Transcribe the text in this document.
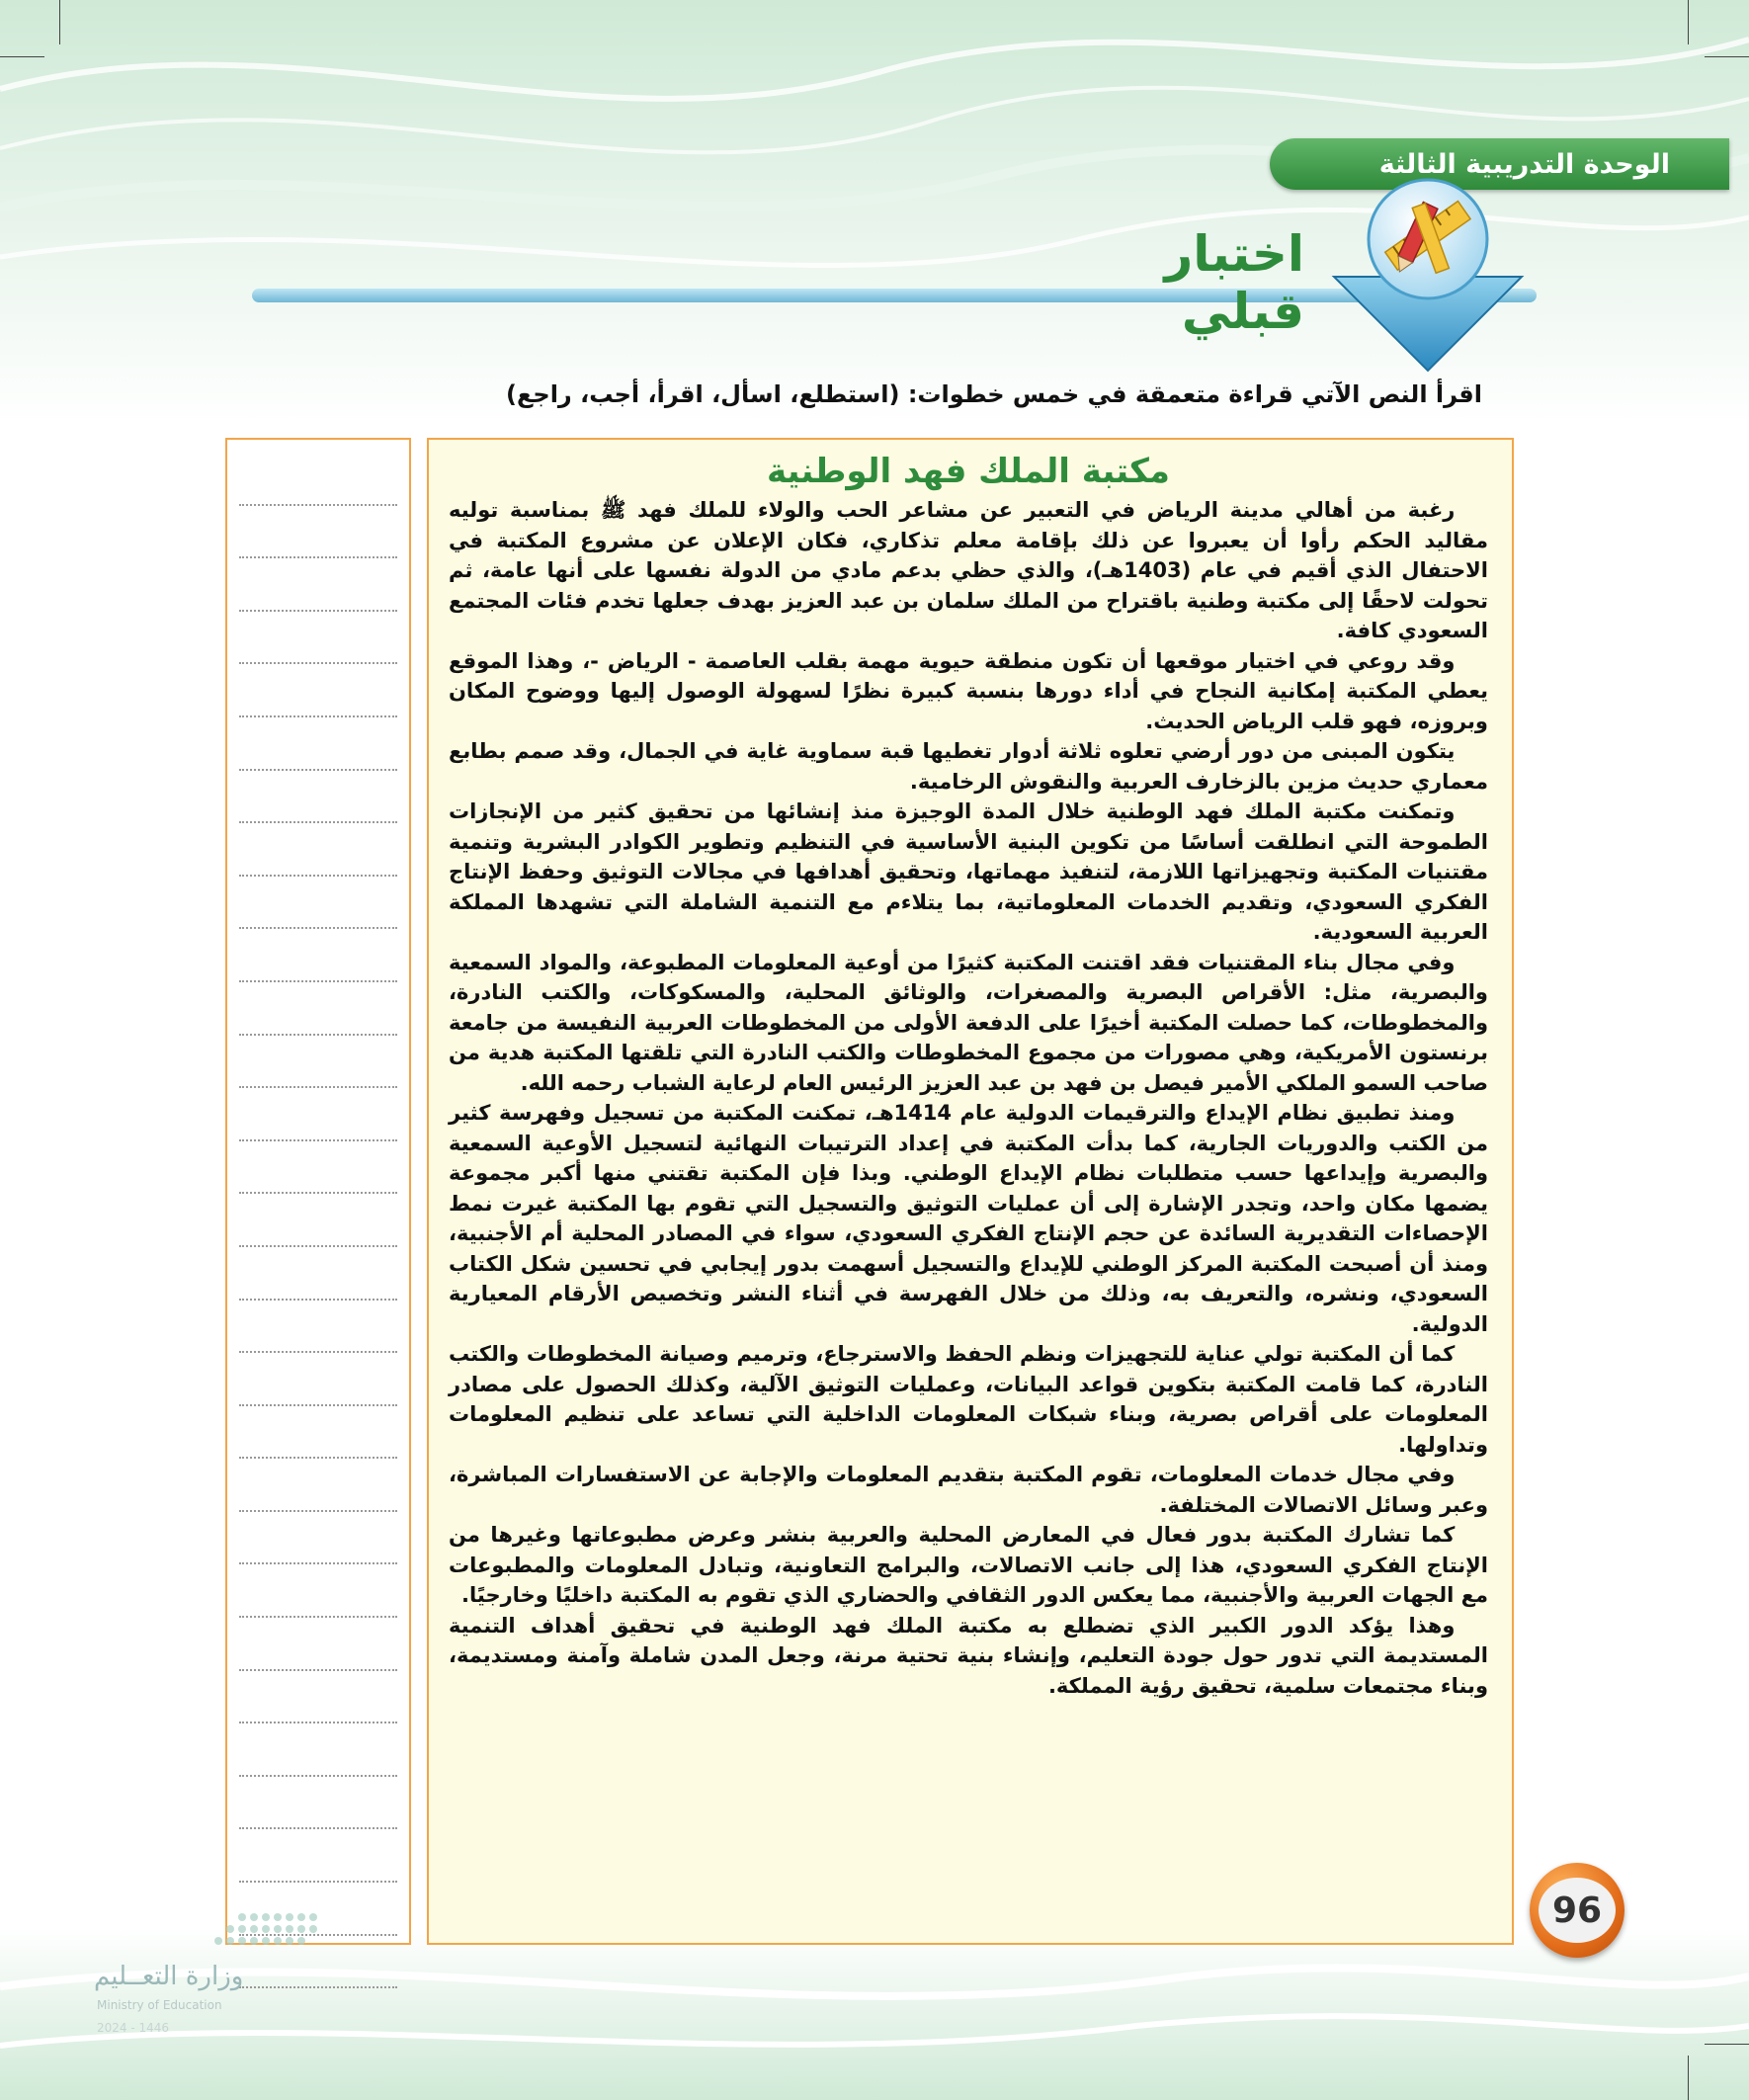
الوحدة التدريبية الثالثة
اختبار قبلي
اقرأ النص الآتي قراءة متعمقة في خمس خطوات: (استطلع، اسأل، اقرأ، أجب، راجع)
مكتبة الملك فهد الوطنية

رغبة من أهالي مدينة الرياض في التعبير عن مشاعر الحب والولاء للملك فهد ﷺ بمناسبة توليه مقاليد الحكم رأوا أن يعبروا عن ذلك بإقامة معلم تذكاري، فكان الإعلان عن مشروع المكتبة في الاحتفال الذي أقيم في عام (1403هـ)، والذي حظي بدعم مادي من الدولة نفسها على أنها عامة، ثم تحولت لاحقًا إلى مكتبة وطنية باقتراح من الملك سلمان بن عبد العزيز بهدف جعلها تخدم فئات المجتمع السعودي كافة.

وقد روعي في اختيار موقعها أن تكون منطقة حيوية مهمة بقلب العاصمة - الرياض -، وهذا الموقع يعطي المكتبة إمكانية النجاح في أداء دورها بنسبة كبيرة نظرًا لسهولة الوصول إليها ووضوح المكان وبروزه، فهو قلب الرياض الحديث.

يتكون المبنى من دور أرضي تعلوه ثلاثة أدوار تغطيها قبة سماوية غاية في الجمال، وقد صمم بطابع معماري حديث مزين بالزخارف العربية والنقوش الرخامية.

وتمكنت مكتبة الملك فهد الوطنية خلال المدة الوجيزة منذ إنشائها من تحقيق كثير من الإنجازات الطموحة التي انطلقت أساسًا من تكوين البنية الأساسية في التنظيم وتطوير الكوادر البشرية وتنمية مقتنيات المكتبة وتجهيزاتها اللازمة، لتنفيذ مهماتها، وتحقيق أهدافها في مجالات التوثيق وحفظ الإنتاج الفكري السعودي، وتقديم الخدمات المعلوماتية، بما يتلاءم مع التنمية الشاملة التي تشهدها المملكة العربية السعودية.

وفي مجال بناء المقتنيات فقد اقتنت المكتبة كثيرًا من أوعية المعلومات المطبوعة، والمواد السمعية والبصرية، مثل: الأقراص البصرية والمصغرات، والوثائق المحلية، والمسكوكات، والكتب النادرة، والمخطوطات، كما حصلت المكتبة أخيرًا على الدفعة الأولى من المخطوطات العربية النفيسة من جامعة برنستون الأمريكية، وهي مصورات من مجموع المخطوطات والكتب النادرة التي تلقتها المكتبة هدية من صاحب السمو الملكي الأمير فيصل بن فهد بن عبد العزيز الرئيس العام لرعاية الشباب رحمه الله.

ومنذ تطبيق نظام الإيداع والترقيمات الدولية عام 1414هـ، تمكنت المكتبة من تسجيل وفهرسة كثير من الكتب والدوريات الجارية، كما بدأت المكتبة في إعداد الترتيبات النهائية لتسجيل الأوعية السمعية والبصرية وإيداعها حسب متطلبات نظام الإيداع الوطني. وبذا فإن المكتبة تقتني منها أكبر مجموعة يضمها مكان واحد، وتجدر الإشارة إلى أن عمليات التوثيق والتسجيل التي تقوم بها المكتبة غيرت نمط الإحصاءات التقديرية السائدة عن حجم الإنتاج الفكري السعودي، سواء في المصادر المحلية أم الأجنبية، ومنذ أن أصبحت المكتبة المركز الوطني للإيداع والتسجيل أسهمت بدور إيجابي في تحسين شكل الكتاب السعودي، ونشره، والتعريف به، وذلك من خلال الفهرسة في أثناء النشر وتخصيص الأرقام المعيارية الدولية.

كما أن المكتبة تولي عناية للتجهيزات ونظم الحفظ والاسترجاع، وترميم وصيانة المخطوطات والكتب النادرة، كما قامت المكتبة بتكوين قواعد البيانات، وعمليات التوثيق الآلية، وكذلك الحصول على مصادر المعلومات على أقراص بصرية، وبناء شبكات المعلومات الداخلية التي تساعد على تنظيم المعلومات وتداولها.

وفي مجال خدمات المعلومات، تقوم المكتبة بتقديم المعلومات والإجابة عن الاستفسارات المباشرة، وعبر وسائل الاتصالات المختلفة.

كما تشارك المكتبة بدور فعال في المعارض المحلية والعربية بنشر وعرض مطبوعاتها وغيرها من الإنتاج الفكري السعودي، هذا إلى جانب الاتصالات، والبرامج التعاونية، وتبادل المعلومات والمطبوعات مع الجهات العربية والأجنبية، مما يعكس الدور الثقافي والحضاري الذي تقوم به المكتبة داخليًا وخارجيًا.

وهذا يؤكد الدور الكبير الذي تضطلع به مكتبة الملك فهد الوطنية في تحقيق أهداف التنمية المستديمة التي تدور حول جودة التعليم، وإنشاء بنية تحتية مرنة، وجعل المدن شاملة وآمنة ومستديمة، وبناء مجتمعات سلمية، تحقيق رؤية المملكة.

96
وزارة التعــليم
Ministry of Education
2024 - 1446
